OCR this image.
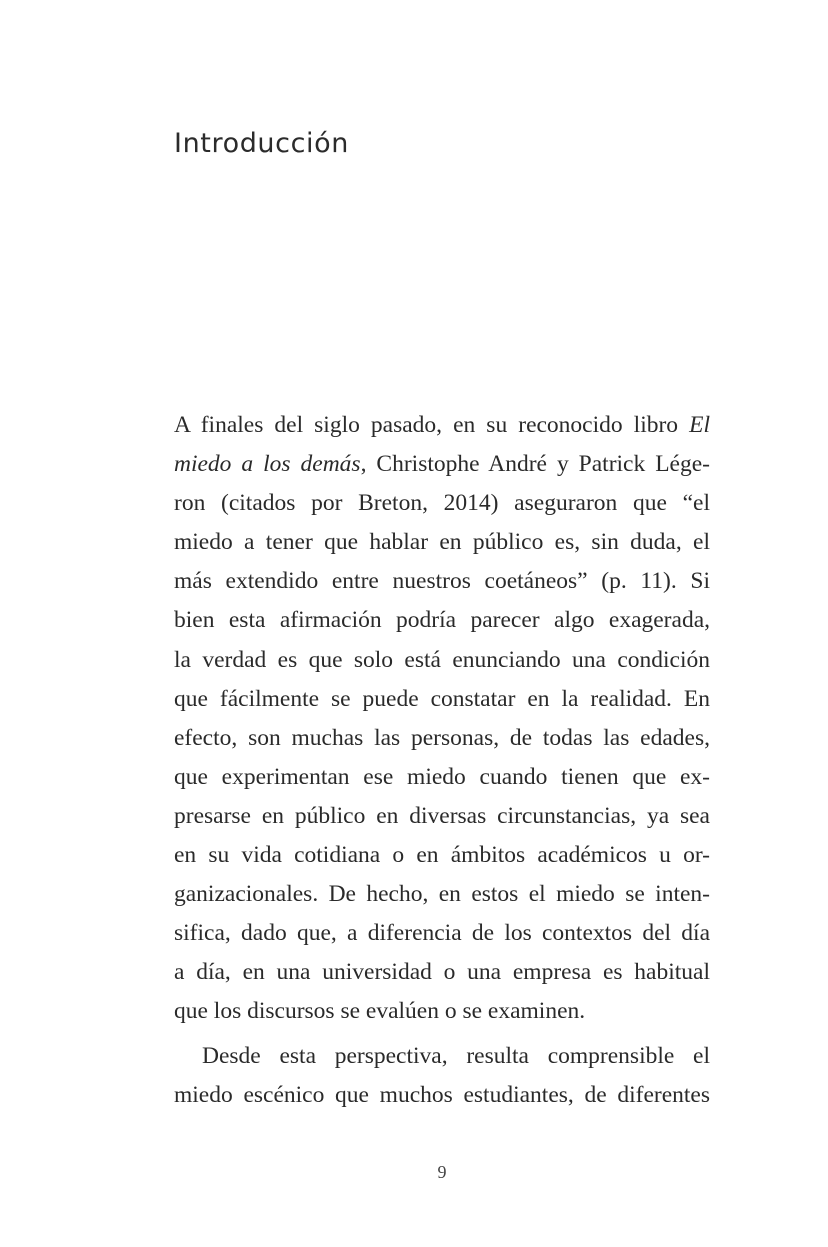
Introducción

A finales del siglo pasado, en su reconocido libro El
miedo a los demás, Christophe André y Patrick Lége-
ron (citados por Breton, 2014) aseguraron que “el
miedo a tener que hablar en público es, sin duda, el
más extendido entre nuestros coetáneos” (p. 11). Si
bien esta afirmación podría parecer algo exagerada,
la verdad es que solo está enunciando una condición
que fácilmente se puede constatar en la realidad. En
efecto, son muchas las personas, de todas las edades,
que experimentan ese miedo cuando tienen que ex-
presarse en público en diversas circunstancias, ya sea
en su vida cotidiana o en ámbitos académicos u or-
ganizacionales. De hecho, en estos el miedo se inten-
sifica, dado que, a diferencia de los contextos del día
a día, en una universidad o una empresa es habitual
que los discursos se evalúen o se examinen.

Desde esta perspectiva, resulta comprensible el
miedo escénico que muchos estudiantes, de diferentes

9
